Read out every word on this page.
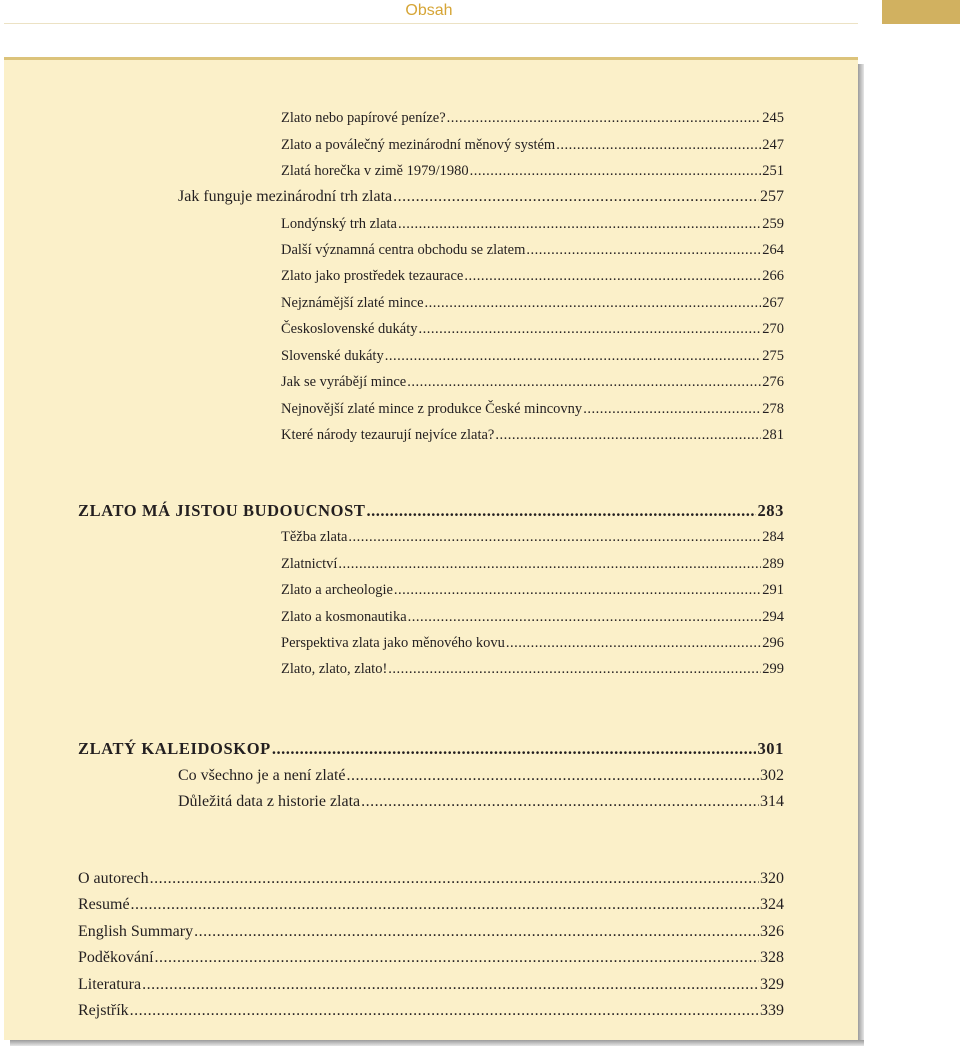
Obsah
Zlato nebo papírové peníze? .....	245
Zlato a poválečný mezinárodní měnový systém .....	247
Zlatá horečka v zimě 1979/1980 .....	251
Jak funguje mezinárodní trh zlata .....	257
Londýnský trh zlata .....	259
Další významná centra obchodu se zlatem .....	264
Zlato jako prostředek tezaurace .....	266
Nejznámější zlaté mince .....	267
Československé dukáty .....	270
Slovenské dukáty .....	275
Jak se vyrábějí mince .....	276
Nejnovější zlaté mince z produkce České mincovny .....	278
Které národy tezaurují nejvíce zlata? .....	281
ZLATO MÁ JISTOU BUDOUCNOST .....	283
Těžba zlata .....	284
Zlatnictví .....	289
Zlato a archeologie .....	291
Zlato a kosmonautika .....	294
Perspektiva zlata jako měnového kovu .....	296
Zlato, zlato, zlato! .....	299
ZLATÝ KALEIDOSKOP .....	301
Co všechno je a není zlaté .....	302
Důležitá data z historie zlata .....	314
O autorech .....	320
Resumé .....	324
English Summary .....	326
Poděkování .....	328
Literatura .....	329
Rejstřík .....	339
